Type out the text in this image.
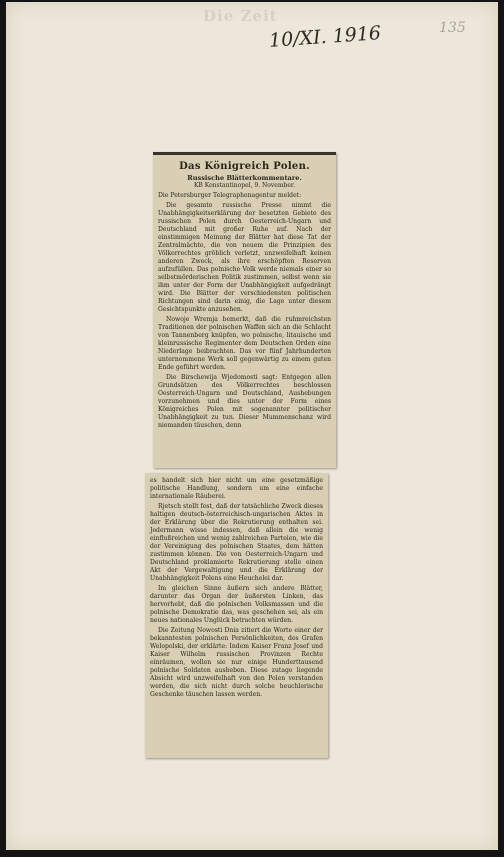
Die Zeit
10/XI. 1916	135
Das Königreich Polen.
Russische Blätterkommentare.
KB Konstantinopel, 9. November.

Die Petersburger Telegraphenagentur meldet:

Die gesamte russische Presse nimmt die Unabhängigkeitserklärung der besetzten Gebiete des russischen Polen durch Oesterreich-Ungarn und Deutschland mit großer Ruhe auf. Nach der einstimmigen Meinung der Blätter hat diese Tat der Zentralmächte, die von neuem die Prinzipien des Völkerrechtes gröblich verletzt, unzweifelhaft keinen anderen Zweck, als ihre erschöpften Reserven aufzufüllen. Das polnische Volk werde niemals einer so selbstmörderischen Politik zustimmen, selbst wenn sie ihm unter der Form der Unabhängigkeit aufgedrängt wird. Die Blätter der verschiedensten politischen Richtungen sind darin einig, die Lage unter diesem Gesichtspunkte anzusehen.

Nowoje Wremja bemerkt, daß die ruhmreichsten Traditionen der polnischen Waffen sich an die Schlacht von Tannenberg knüpfen, wo polnische, litauische und kleinrussische Regimenter dem Deutschen Orden eine Niederlage beibrachten. Das vor fünf Jahrhunderten unternommene Werk soll gegenwärtig zu einem guten Ende geführt werden.

Die Birschewija Wjedomosti sagt: Entgegen allen Grundsätzen des Völkerrechtes beschlossen Oesterreich-Ungarn und Deutschland, Aushebungen vorzunehmen und dies unter der Form eines Königreiches Polen mit sogenannter politischer Unabhängigkeit zu tun. Dieser Mummenschanz wird niemanden täuschen, denn

es handelt sich hier nicht um eine gesetzmäßige politische Handlung, sondern um eine einfache internationale Räuberei.

Rjetsch stellt fest, daß der tatsächliche Zweck dieses haltigen deutsch-österreichisch-ungarischen Aktes in der Erklärung über die Rekrutierung enthalten sei. Jedermann wisse indessen, daß allein die wenig einflußreichen und wenig zahlreichen Parteien, wie die der Vereinigung des polnischen Staates, dem hätten zustimmen können. Die von Oesterreich-Ungarn und Deutschland proklamierte Rekrutierung stelle einen Akt der Vergewaltigung und die Erklärung der Unabhängigkeit Polens eine Heuchelei dar.

Im gleichen Sinne äußern sich andere Blätter, darunter das Organ der äußersten Linken, das hervorhebt, daß die polnischen Volksmassen und die polnische Demokratie das, was geschehen sei, als ein neues nationales Unglück betrachten würden.

Die Zeitung Nowosti Dnia zitiert die Worte einer der bekanntesten polnischen Persönlichkeiten, des Grafen Welopolski, der erklärte: Indem Kaiser Franz Josef und Kaiser Wilhelm russischen Provinzen Rechte einräumen, wollen sie nur einige Hunderttausend polnische Soldaten ausheben. Diese zutage liegende Absicht wird unzweifelhaft von den Polen verstanden werden, die sich nicht durch solche heuchlerische Geschenke täuschen lassen werden.
